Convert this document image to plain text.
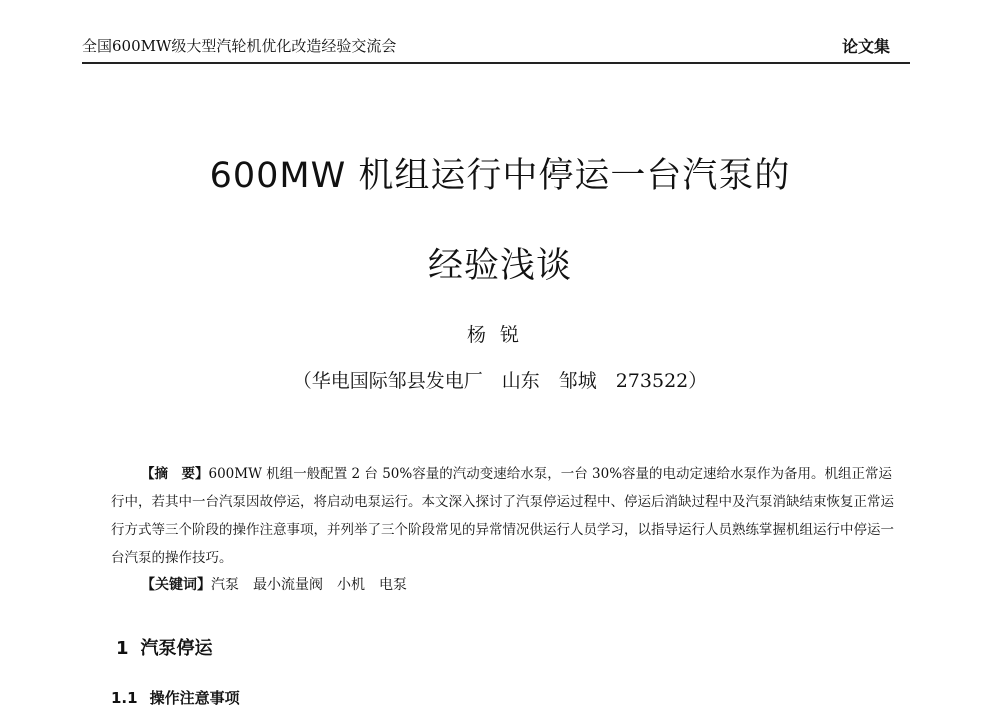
全国600MW级大型汽轮机优化改造经验交流会	论文集
600MW 机组运行中停运一台汽泵的
经验浅谈
杨锐
（华电国际邹县发电厂　山东　邹城　273522）
【摘　要】600MW 机组一般配置 2 台 50%容量的汽动变速给水泵，一台 30%容量的电动定速给水泵作为备用。机组正常运行中，若其中一台汽泵因故停运，将启动电泵运行。本文深入探讨了汽泵停运过程中、停运后消缺过程中及汽泵消缺结束恢复正常运行方式等三个阶段的操作注意事项，并列举了三个阶段常见的异常情况供运行人员学习，以指导运行人员熟练掌握机组运行中停运一台汽泵的操作技巧。
【关键词】汽泵　最小流量阀　小机　电泵
1 汽泵停运
1.1 操作注意事项
